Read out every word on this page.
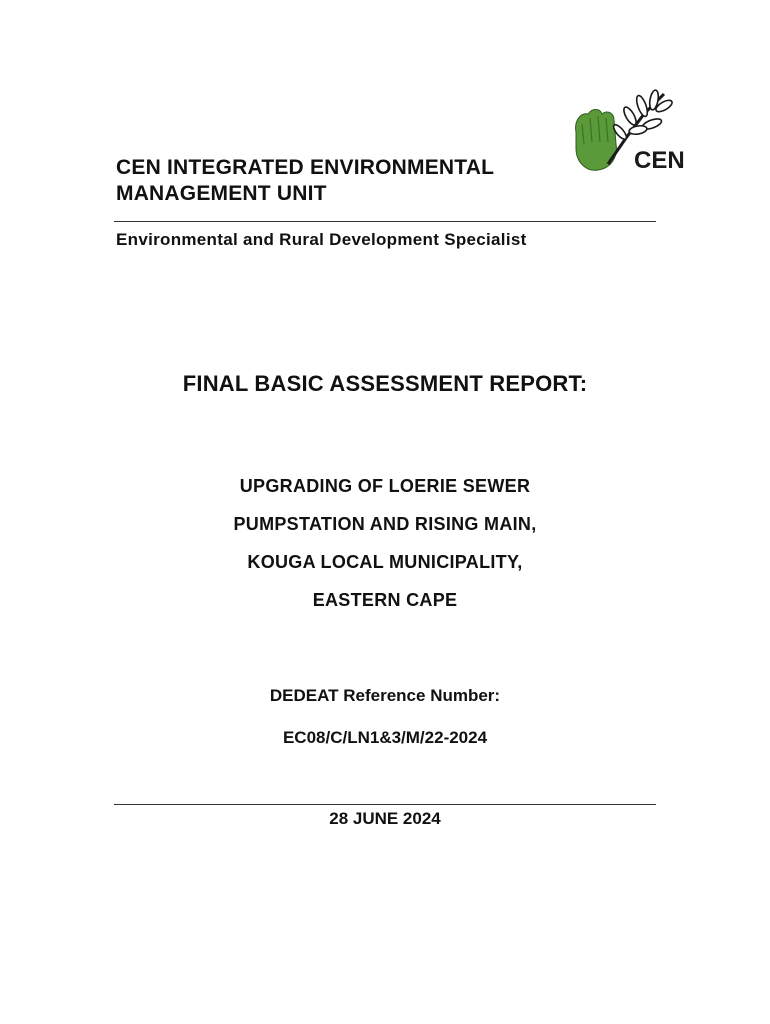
CEN
CEN INTEGRATED ENVIRONMENTAL
MANAGEMENT UNIT
Environmental and Rural Development Specialist
FINAL BASIC ASSESSMENT REPORT:
UPGRADING OF LOERIE SEWER
PUMPSTATION AND RISING MAIN,
KOUGA LOCAL MUNICIPALITY,
EASTERN CAPE
DEDEAT Reference Number:
EC08/C/LN1&3/M/22-2024
28 JUNE 2024
